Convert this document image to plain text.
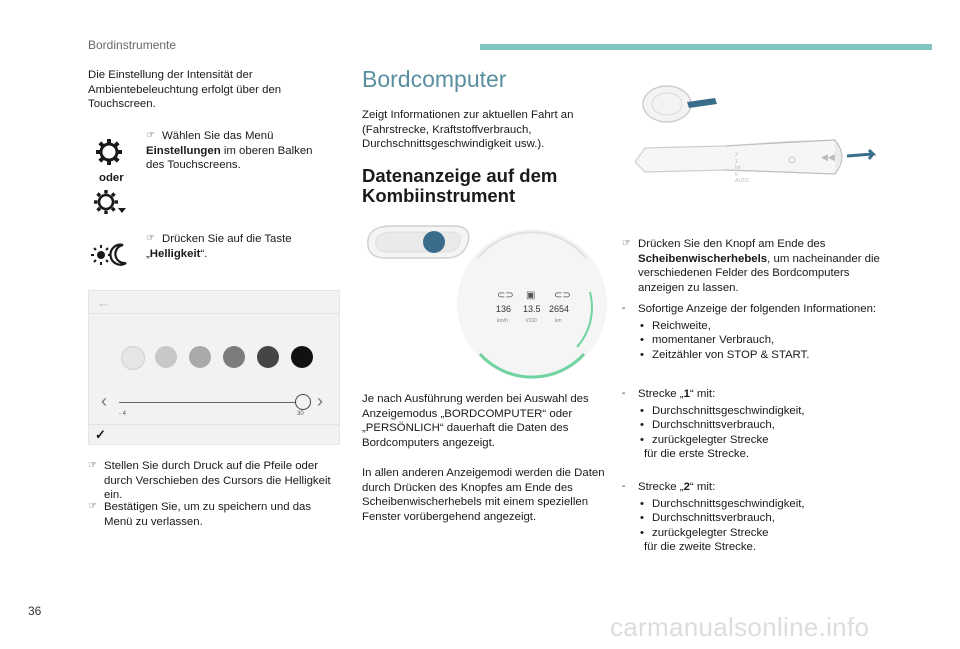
Bordinstrumente
Die Einstellung der Intensität der Ambientebeleuchtung erfolgt über den Touchscreen.
☞ Wählen Sie das Menü Einstellungen im oberen Balken des Touchscreens.
oder
☞ Drücken Sie auf die Taste „Helligkeit“.
←
‹	›
- 4	30
✓
☞ Stellen Sie durch Druck auf die Pfeile oder durch Verschieben des Cursors die Helligkeit ein.
☞ Bestätigen Sie, um zu speichern und das Menü zu verlassen.
Bordcomputer
Zeigt Informationen zur aktuellen Fahrt an (Fahrstrecke, Kraftstoffverbrauch, Durchschnittsgeschwindigkeit usw.).
Datenanzeige auf dem
Kombiinstrument
⊂⊃ ▣ ⊂⊃
136 13.5 2654
km/h	l/100	km
Je nach Ausführung werden bei Auswahl des Anzeigemodus „BORDCOMPUTER“ oder „PERSÖNLICH“ dauerhaft die Daten des Bordcomputers angezeigt.
In allen anderen Anzeigemodi werden die Daten durch Drücken des Knopfes am Ende des Scheibenwischerhebels mit einem speziellen Fenster vorübergehend angezeigt.
◀◀
2
1
Int
0
AUTO
☞ Drücken Sie den Knopf am Ende des Scheibenwischerhebels, um nacheinander die verschiedenen Felder des Bordcomputers anzeigen zu lassen.
- Sofortige Anzeige der folgenden Informationen:
• Reichweite,
• momentaner Verbrauch,
• Zeitzähler von STOP & START.
- Strecke „1“ mit:
• Durchschnittsgeschwindigkeit,
• Durchschnittsverbrauch,
• zurückgelegter Strecke
für die erste Strecke.
- Strecke „2“ mit:
• Durchschnittsgeschwindigkeit,
• Durchschnittsverbrauch,
• zurückgelegter Strecke
für die zweite Strecke.
36
carmanualsonline.info
